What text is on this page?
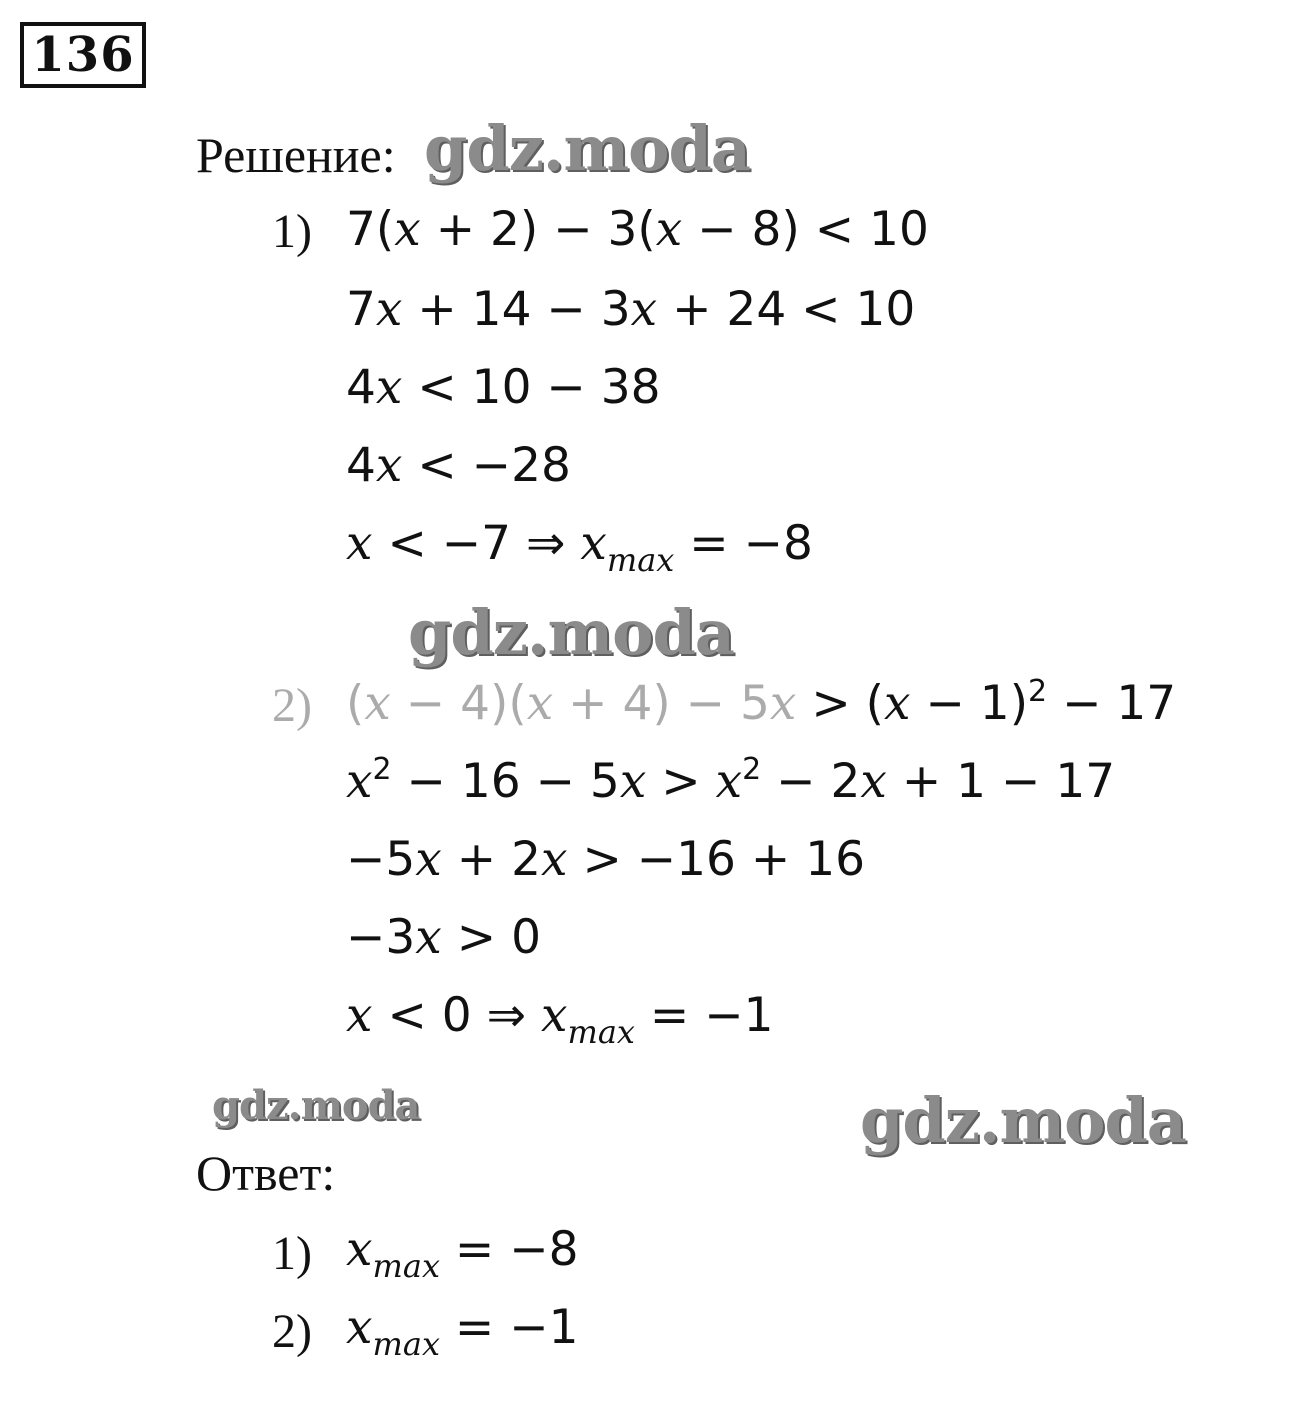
136
Решение: gdz.moda
1) 7(x + 2) − 3(x − 8) < 10
7x + 14 − 3x + 24 < 10
4x < 10 − 38
4x < −28
x < −7 ⇒ $x_{max} = -8$
gdz.moda
2) $(x - 4)(x + 4) - 5x > (x - 1)^2 - 17$
$x^2 - 16 - 5x > x^2 - 2x + 1 - 17$
−5x + 2x > −16 + 16
−3x > 0
x < 0 ⇒ $x_{max} = -1$
gdz.moda	gdz.moda
Ответ:
1) $x_{max} = -8$
2) $x_{max} = -1$
